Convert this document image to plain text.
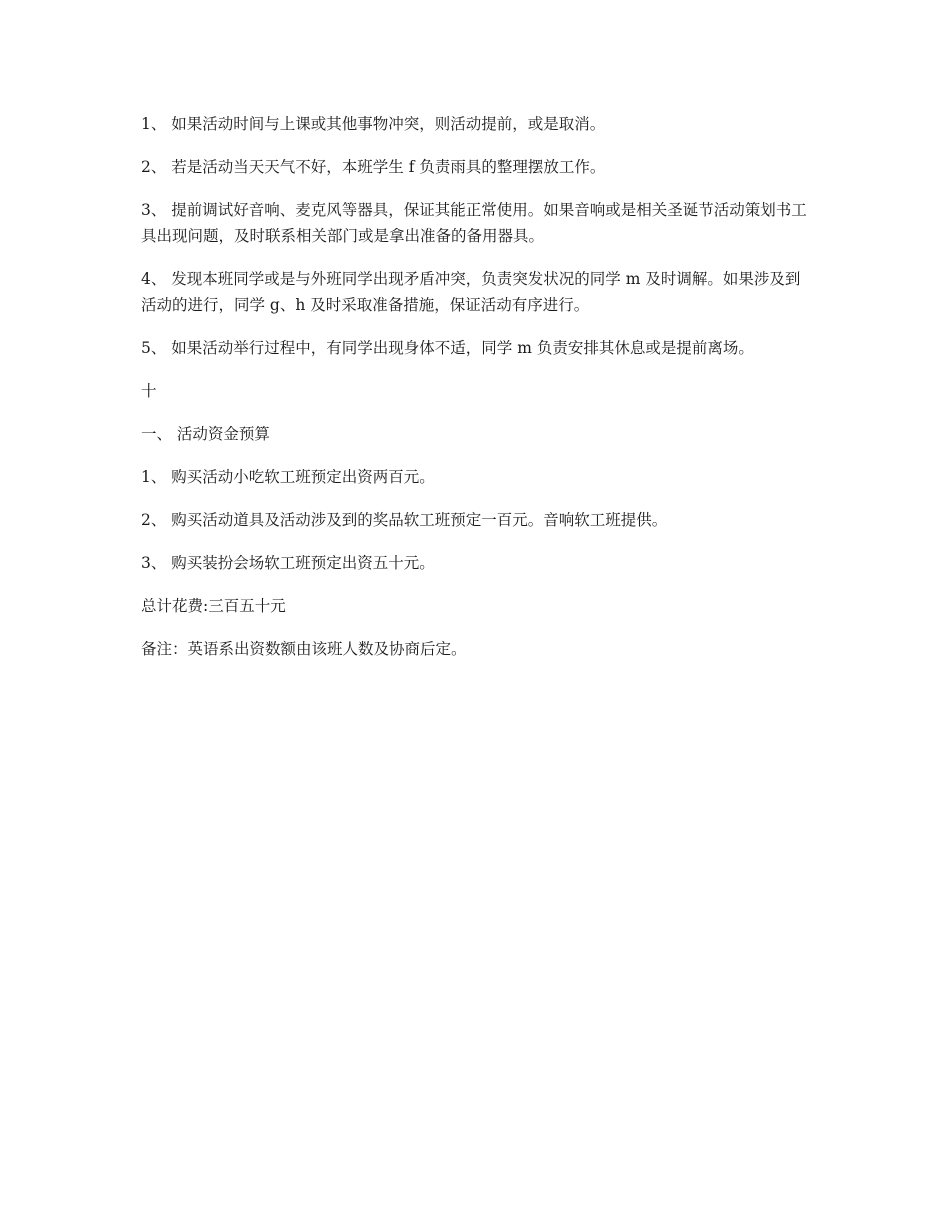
1、 如果活动时间与上课或其他事物冲突，则活动提前，或是取消。

2、 若是活动当天天气不好，本班学生 f 负责雨具的整理摆放工作。

3、 提前调试好音响、麦克风等器具，保证其能正常使用。如果音响或是相关圣诞节活动策划书工具出现问题，及时联系相关部门或是拿出准备的备用器具。

4、 发现本班同学或是与外班同学出现矛盾冲突，负责突发状况的同学 m 及时调解。如果涉及到活动的进行，同学 g、h 及时采取准备措施，保证活动有序进行。

5、 如果活动举行过程中，有同学出现身体不适，同学 m 负责安排其休息或是提前离场。

十

一、 活动资金预算

1、 购买活动小吃软工班预定出资两百元。

2、 购买活动道具及活动涉及到的奖品软工班预定一百元。音响软工班提供。

3、 购买装扮会场软工班预定出资五十元。

总计花费:三百五十元

备注：英语系出资数额由该班人数及协商后定。
